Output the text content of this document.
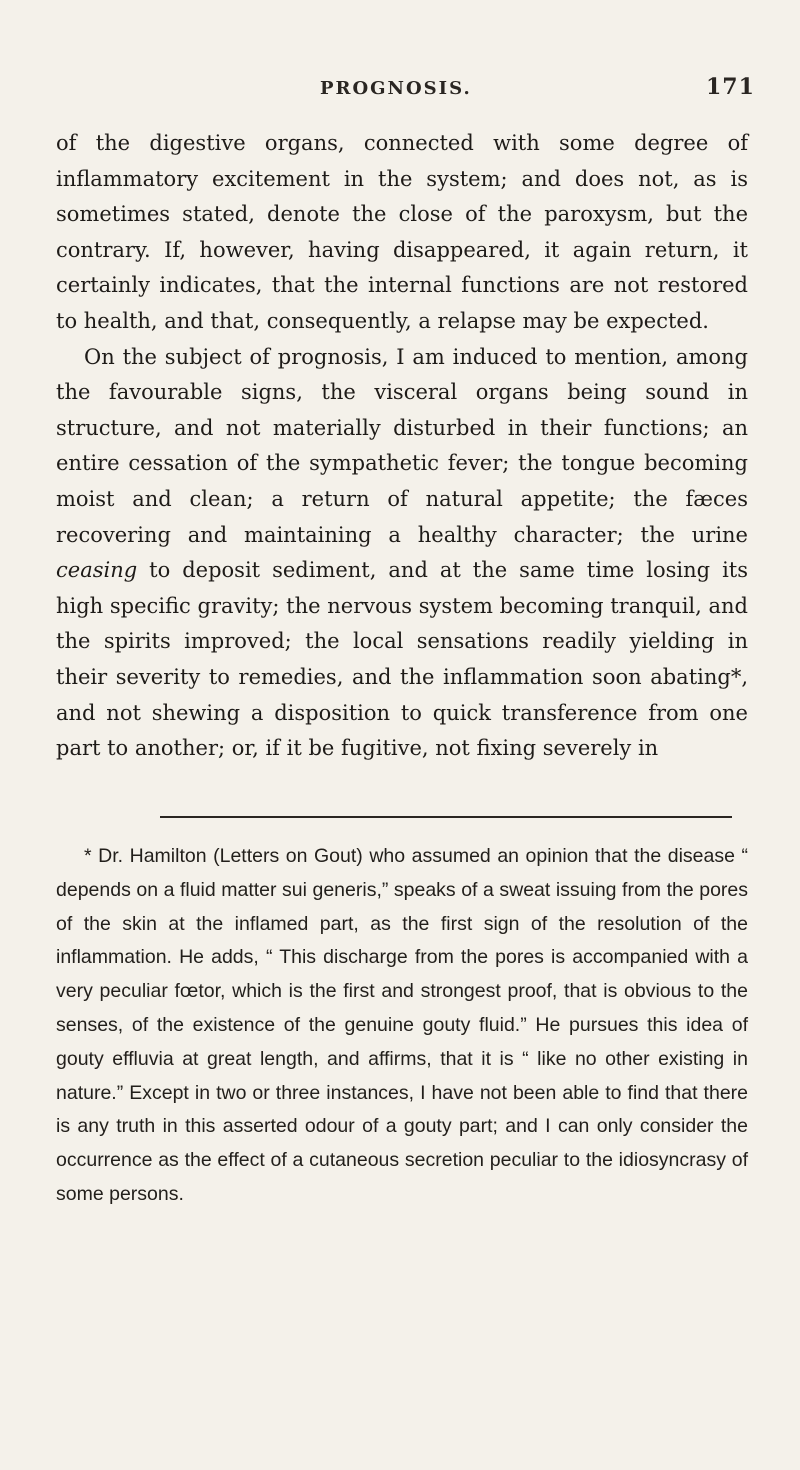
PROGNOSIS.	171

of the digestive organs, connected with some degree of inflammatory excitement in the system; and does not, as is sometimes stated, denote the close of the paroxysm, but the contrary. If, however, having disappeared, it again return, it certainly indicates, that the internal functions are not restored to health, and that, consequently, a relapse may be expected.

On the subject of prognosis, I am induced to mention, among the favourable signs, the visceral organs being sound in structure, and not materially disturbed in their functions; an entire cessation of the sympathetic fever; the tongue becoming moist and clean; a return of natural appetite; the fæces recovering and maintaining a healthy character; the urine ceasing to deposit sediment, and at the same time losing its high specific gravity; the nervous system becoming tranquil, and the spirits improved; the local sensations readily yielding in their severity to remedies, and the inflammation soon abating*, and not shewing a disposition to quick transference from one part to another; or, if it be fugitive, not fixing severely in

* Dr. Hamilton (Letters on Gout) who assumed an opinion that the disease “ depends on a fluid matter sui generis,” speaks of a sweat issuing from the pores of the skin at the inflamed part, as the first sign of the resolution of the inflammation. He adds, “ This discharge from the pores is accompanied with a very peculiar fœtor, which is the first and strongest proof, that is obvious to the senses, of the existence of the genuine gouty fluid.” He pursues this idea of gouty effluvia at great length, and affirms, that it is “ like no other existing in nature.” Except in two or three instances, I have not been able to find that there is any truth in this asserted odour of a gouty part; and I can only consider the occurrence as the effect of a cutaneous secretion peculiar to the idiosyncrasy of some persons.
